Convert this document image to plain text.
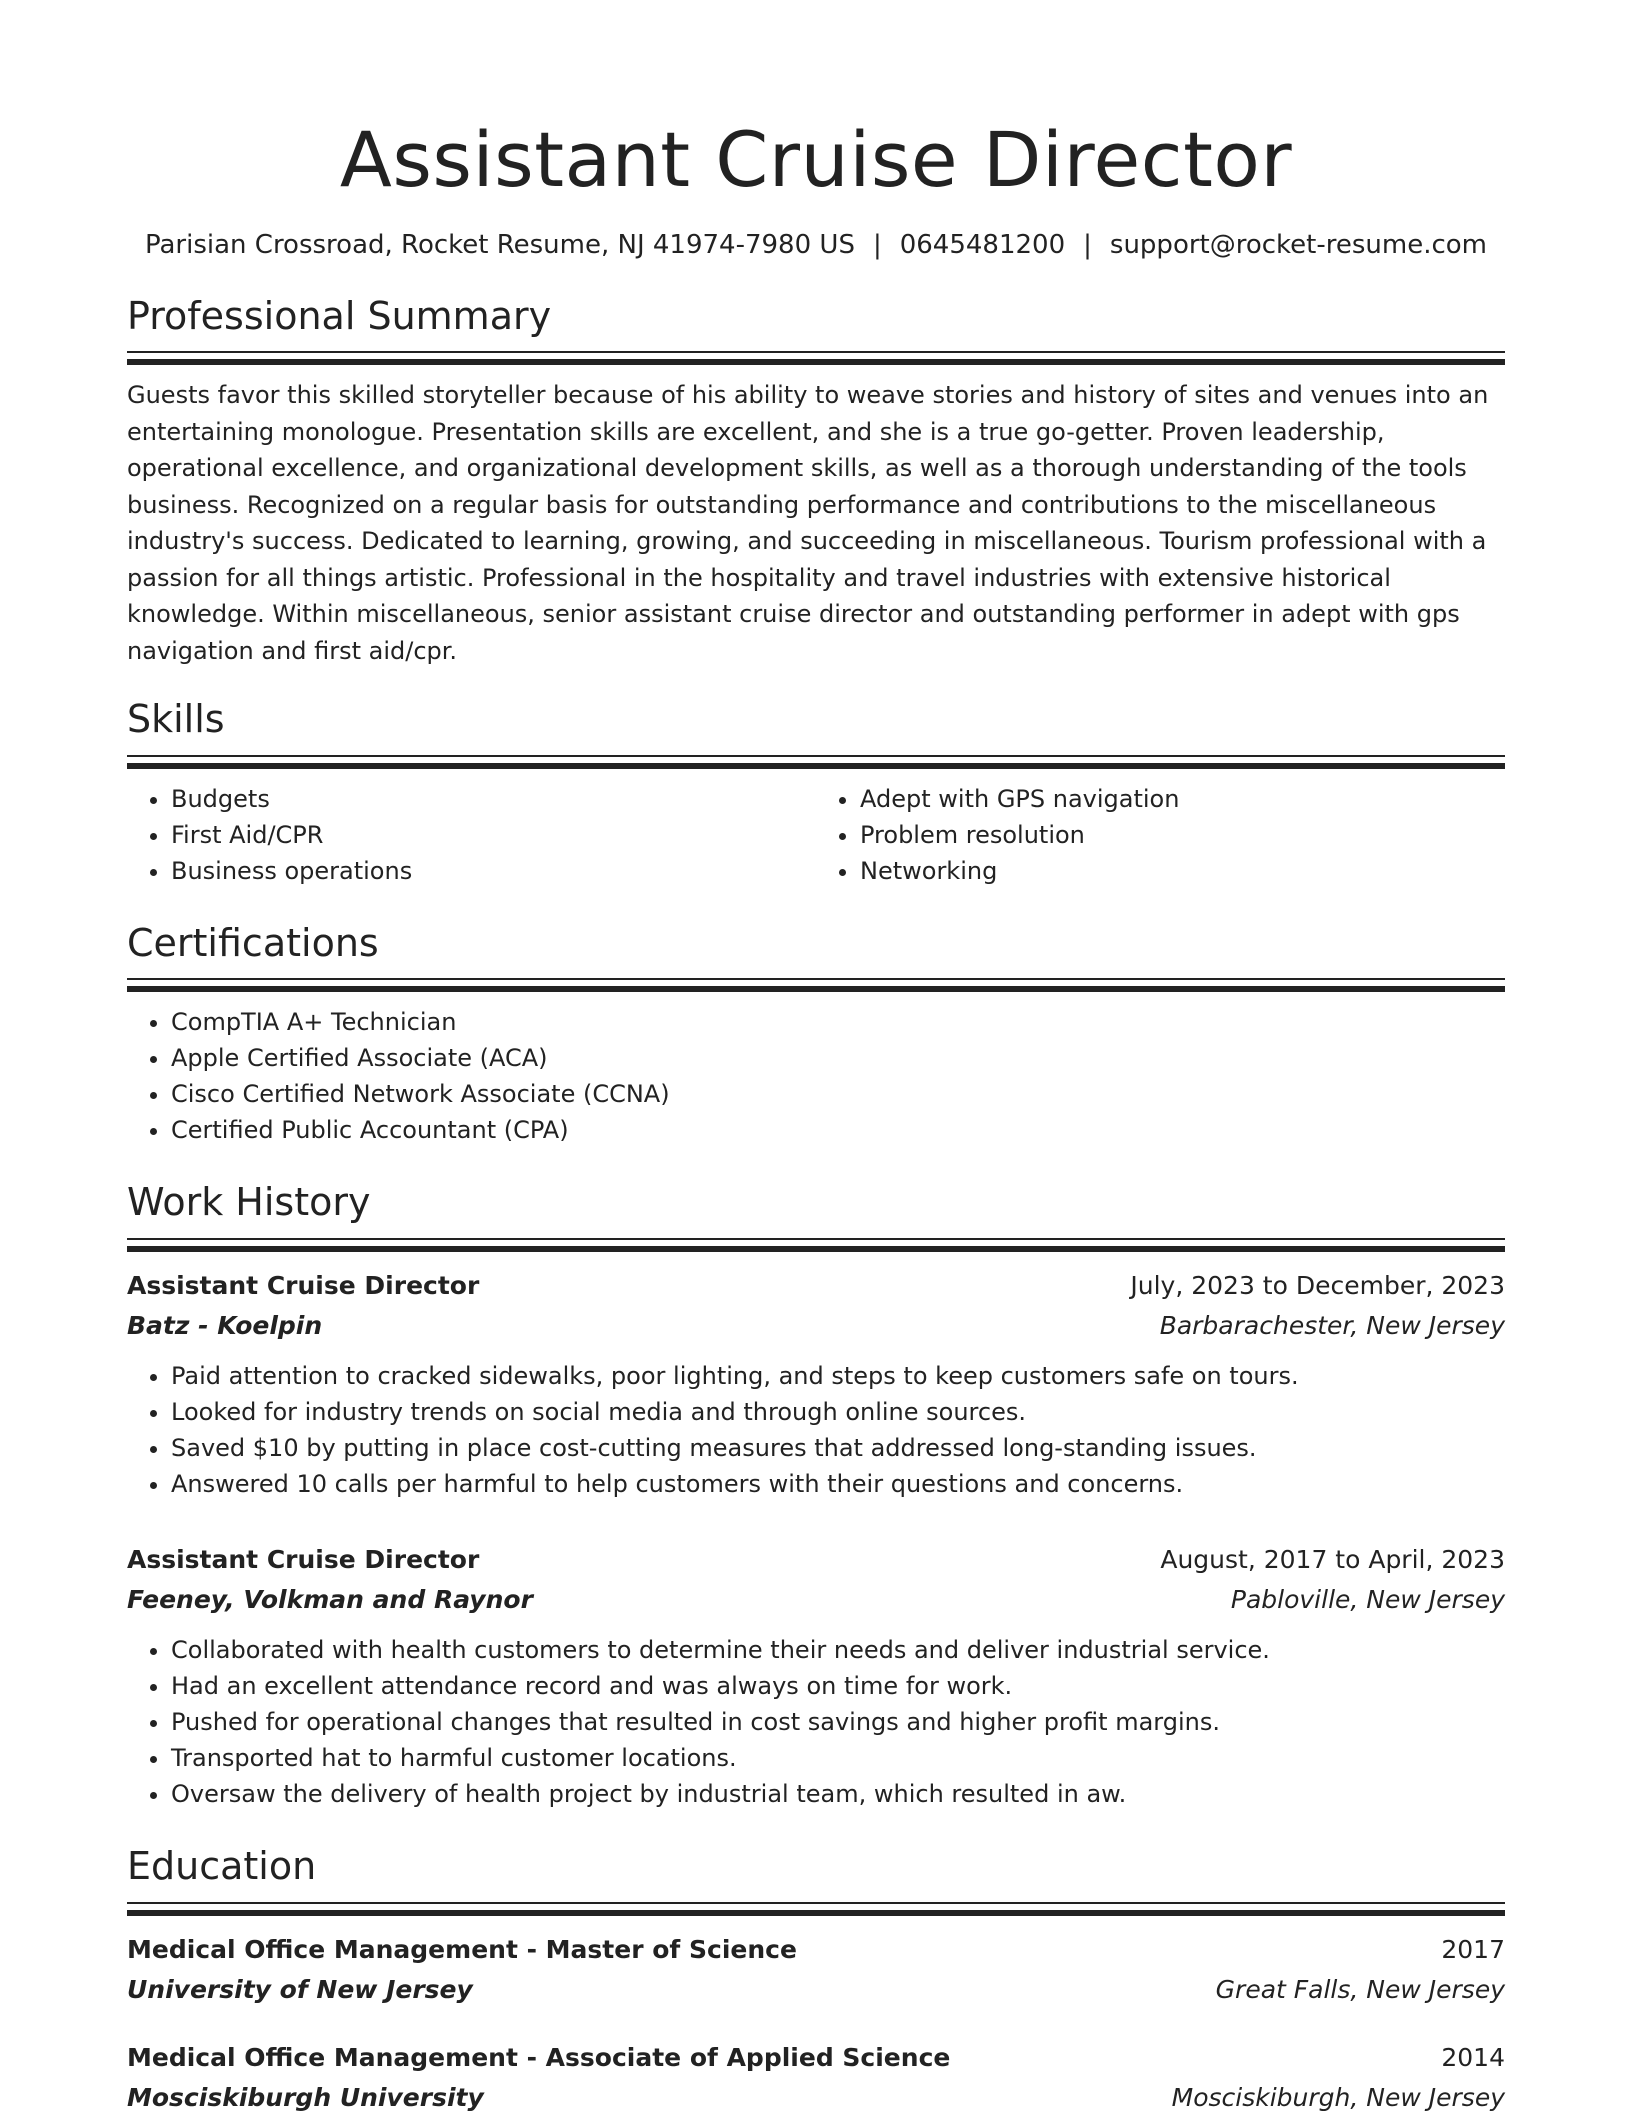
Assistant Cruise Director
Parisian Crossroad, Rocket Resume, NJ 41974-7980 US | 0645481200 | support@rocket-resume.com
Professional Summary

Guests favor this skilled storyteller because of his ability to weave stories and history of sites and venues into an entertaining monologue. Presentation skills are excellent, and she is a true go-getter. Proven leadership, operational excellence, and organizational development skills, as well as a thorough understanding of the tools business. Recognized on a regular basis for outstanding performance and contributions to the miscellaneous industry's success. Dedicated to learning, growing, and succeeding in miscellaneous. Tourism professional with a passion for all things artistic. Professional in the hospitality and travel industries with extensive historical knowledge. Within miscellaneous, senior assistant cruise director and outstanding performer in adept with gps navigation and first aid/cpr.

Skills
• Budgets
• First Aid/CPR
• Business operations
• Adept with GPS navigation
• Problem resolution
• Networking
Certifications
• CompTIA A+ Technician
• Apple Certified Associate (ACA)
• Cisco Certified Network Associate (CCNA)
• Certified Public Accountant (CPA)
Work History
Assistant Cruise Director	July, 2023 to December, 2023
Batz - Koelpin	Barbarachester, New Jersey
• Paid attention to cracked sidewalks, poor lighting, and steps to keep customers safe on tours.
• Looked for industry trends on social media and through online sources.
• Saved $10 by putting in place cost-cutting measures that addressed long-standing issues.
• Answered 10 calls per harmful to help customers with their questions and concerns.
Assistant Cruise Director	August, 2017 to April, 2023
Feeney, Volkman and Raynor	Pabloville, New Jersey
• Collaborated with health customers to determine their needs and deliver industrial service.
• Had an excellent attendance record and was always on time for work.
• Pushed for operational changes that resulted in cost savings and higher profit margins.
• Transported hat to harmful customer locations.
• Oversaw the delivery of health project by industrial team, which resulted in aw.
Education
Medical Office Management - Master of Science	2017
University of New Jersey	Great Falls, New Jersey
Medical Office Management - Associate of Applied Science	2014
Mosciskiburgh University	Mosciskiburgh, New Jersey
